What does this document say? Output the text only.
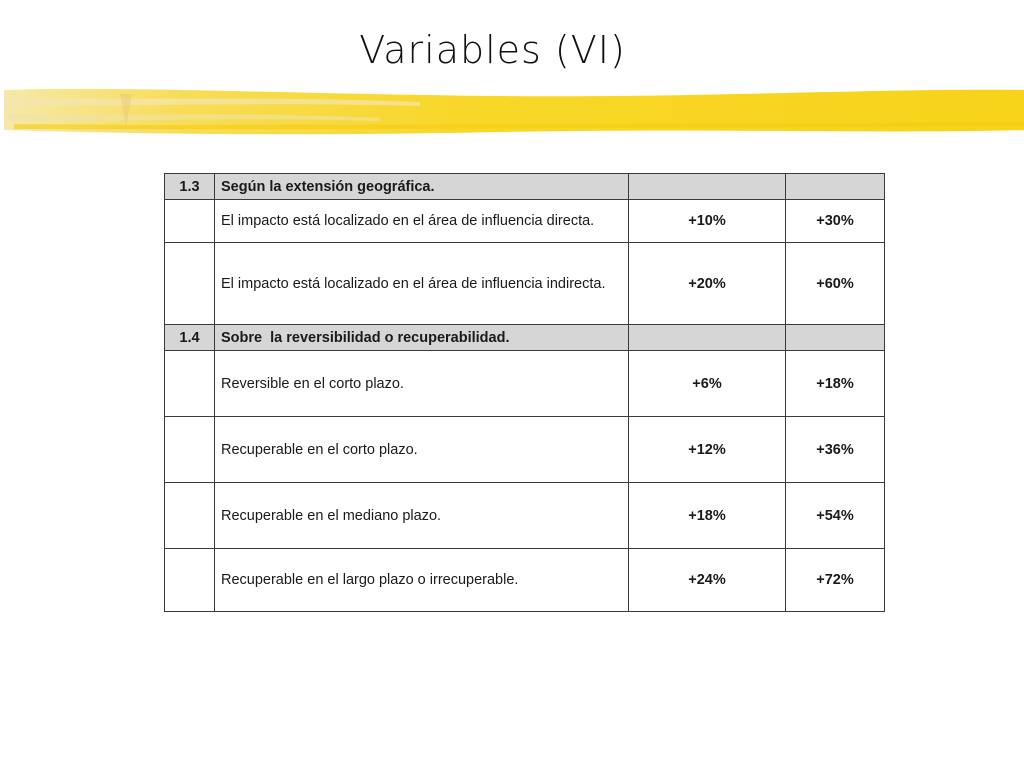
Variables (VI)
1.3	Según la extensión geográfica.		
	El impacto está localizado en el área de influencia directa.	+10%	+30%
	El impacto está localizado en el área de influencia indirecta.	+20%	+60%
1.4	Sobre  la reversibilidad o recuperabilidad.		
	Reversible en el corto plazo.	+6%	+18%
	Recuperable en el corto plazo.	+12%	+36%
	Recuperable en el mediano plazo.	+18%	+54%
	Recuperable en el largo plazo o irrecuperable.	+24%	+72%
